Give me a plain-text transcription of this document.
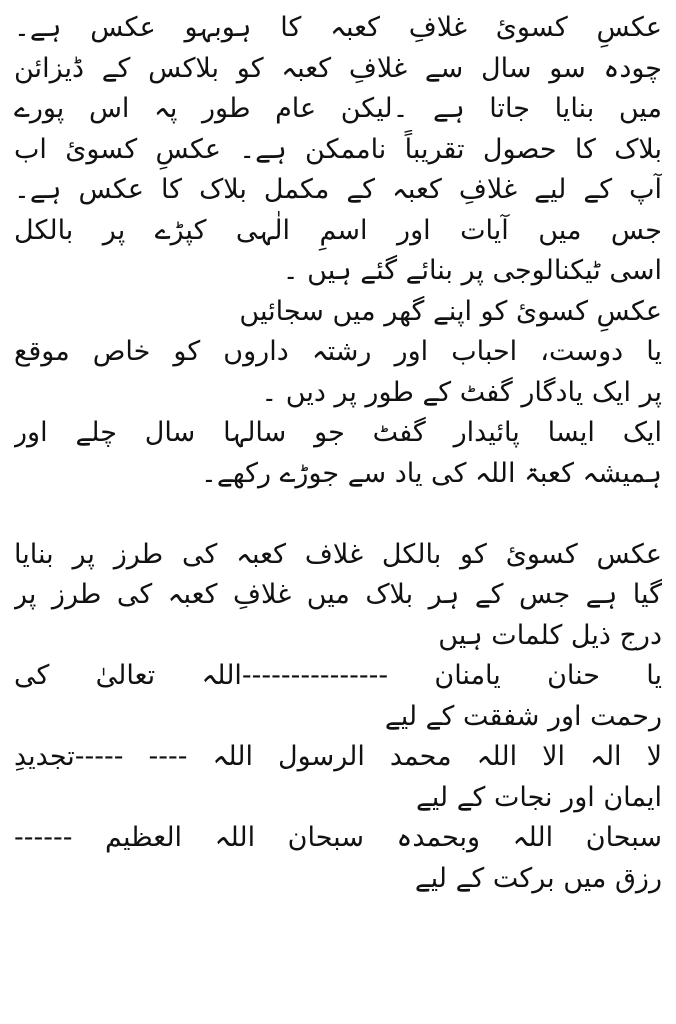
عکسِ کسوئ غلافِ کعبہ کا ہوبہو عکس ہے۔
چودہ سو سال سے غلافِ کعبہ کو بلاکس کے ڈیزائن
میں بنایا جاتا ہے ۔لیکن عام طور پہ اس پورے
بلاک کا حصول تقریباً ناممکن ہے۔ عکسِ کسوئ اب
آپ کے لیے غلافِ کعبہ کے مکمل بلاک کا عکس ہے۔
جس میں آیات اور اسمِ الٰہی کپڑے پر بالکل
اسی ٹیکنالوجی پر بنائے گئے ہیں ۔
عکسِ کسوئ کو اپنے گھر میں سجائیں
یا دوست، احباب اور رشتہ داروں کو خاص موقع
پر ایک یادگار گفٹ کے طور پر دیں ۔
ایک ایسا پائیدار گفٹ جو سالہا سال چلے اور
ہمیشہ کعبۃ اللہ کی یاد سے جوڑے رکھے۔
عکس کسوئ کو بالکل غلاف کعبہ کی طرز پر بنایا
گیا ہے جس کے ہر بلاک میں غلافِ کعبہ کی طرز پر
درج ذیل کلمات ہیں
یا حنان یامنان ---------------اللہ تعالیٰ کی
رحمت اور شفقت کے لیے
لا الہ الا اللہ محمد الرسول اللہ ---- -----تجدیدِ
ایمان اور نجات کے لیے
سبحان اللہ وبحمدہ سبحان اللہ العظیم ------
رزق میں برکت کے لیے
